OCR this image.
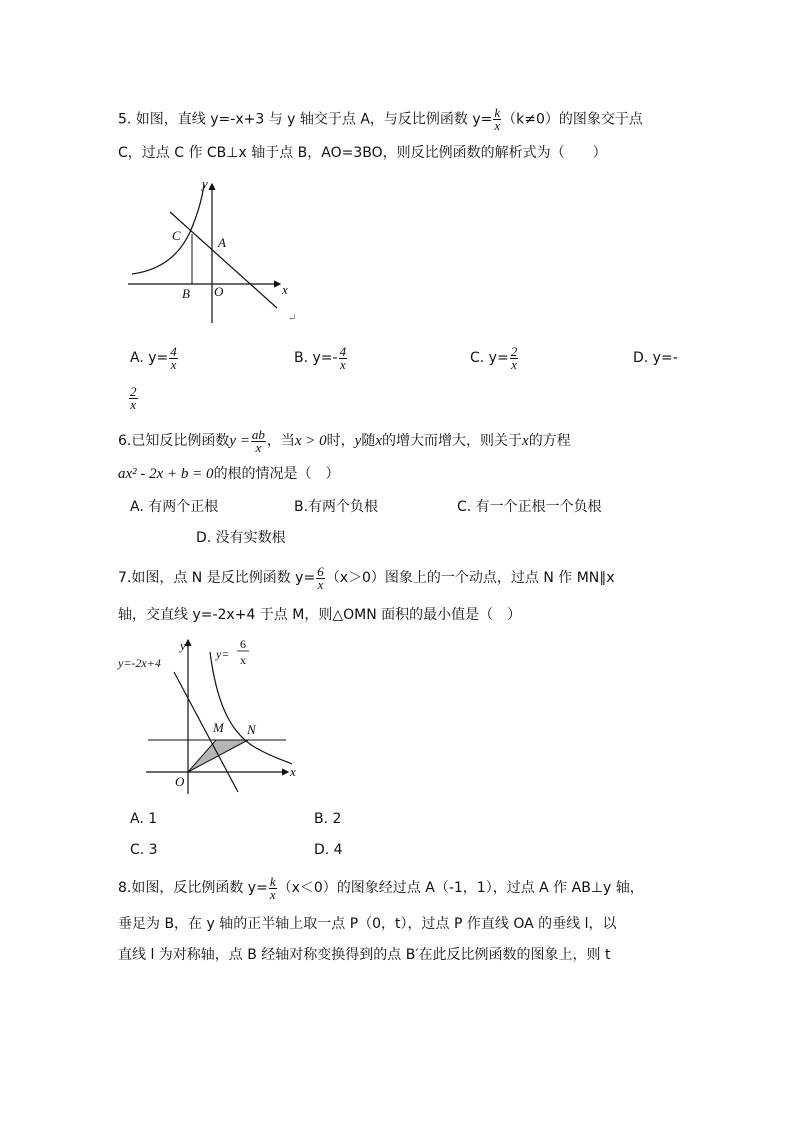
5. 如图，直线 y=-x+3 与 y 轴交于点 A，与反比例函数 $y= \frac{k}{x} (k\ne 0)$的图象交于点
C，过点 C 作 CB⊥x 轴于点 B，AO=3BO，则反比例函数的解析式为（　　）
y
x
C	A
B O
↵
A. $y= \frac{4}{x}$	B. $y=- \frac{4}{x}$	C. $y= \frac{2}{x}$	D. y=-
$\frac{2}{x}$
6.已知反比例函数$y = \frac{ab}{x}$ ，当x > 0时，y随x的增大而增大，则关于x的方程
ax² - 2x + b = 0的根的情况是（　）
A. 有两个正根	B.有两个负根	C. 有一个正根一个负根
D. 没有实数根
7.如图，点 N 是反比例函数 $y= \frac{6}{x} (x>0)$图象上的一个动点，过点 N 作 MN∥x
轴，交直线 y=-2x+4 于点 M，则△OMN 面积的最小值是（　）
y=-2x+4
y=
6
x
y
x
M N
O
A. 1	B. 2
C. 3	D. 4
8.如图，反比例函数 $y= \frac{k}{x} (x<0)$的图象经过点 A（-1，1），过点 A 作 AB⊥y 轴，
垂足为 B，在 y 轴的正半轴上取一点 P（0，t），过点 P 作直线 OA 的垂线 l，以
直线 l 为对称轴，点 B 经轴对称变换得到的点 B′在此反比例函数的图象上，则 t
